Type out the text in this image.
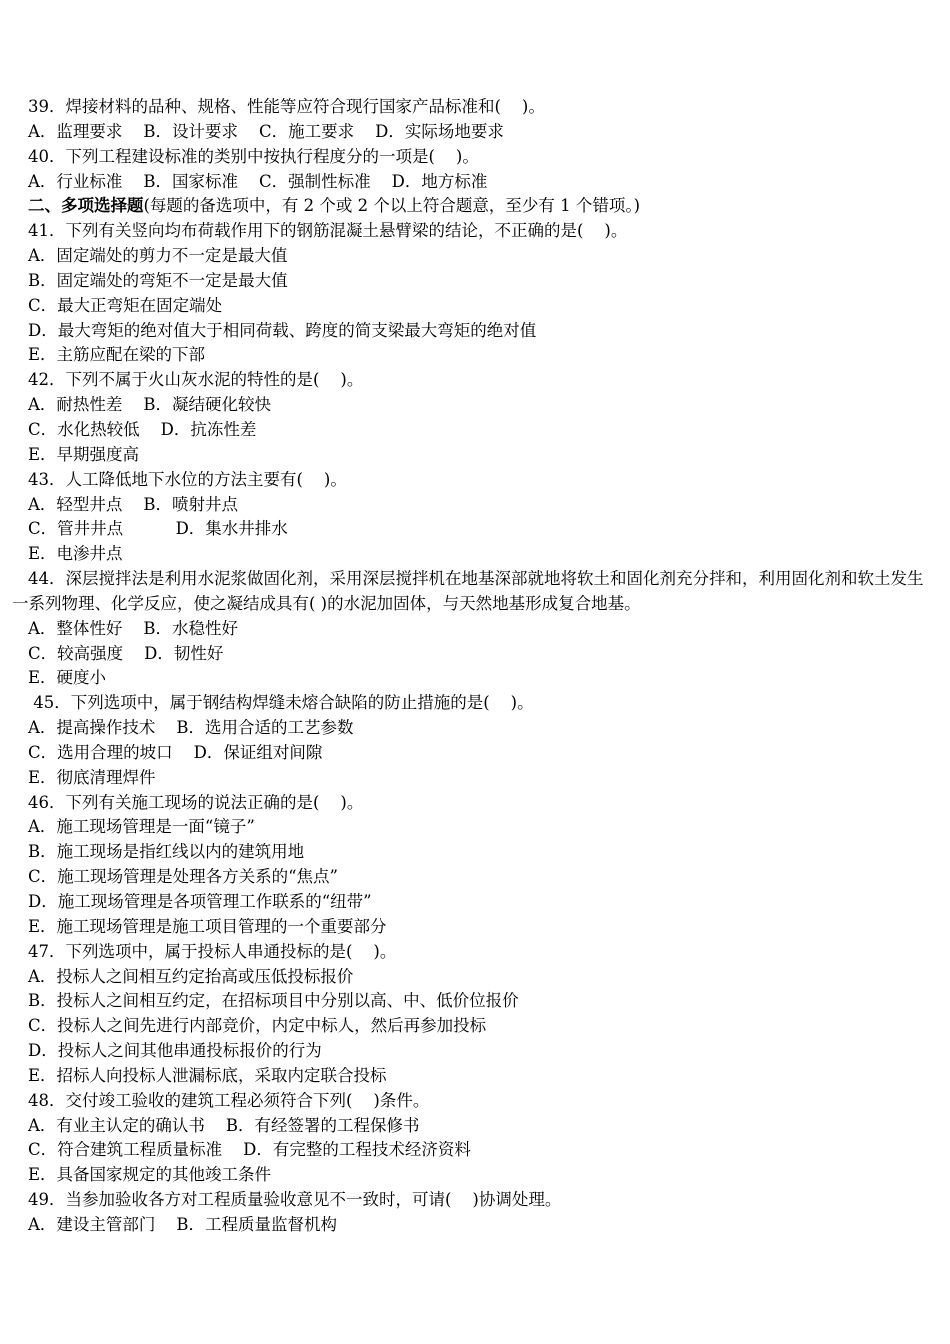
39．焊接材料的品种、规格、性能等应符合现行国家产品标准和(    )。
A．监理要求    B．设计要求    C．施工要求    D．实际场地要求
40．下列工程建设标准的类别中按执行程度分的一项是(    )。
A．行业标准    B．国家标准    C．强制性标准    D．地方标准
二、多项选择题(每题的备选项中，有 2 个或 2 个以上符合题意，至少有 1 个错项。)
41．下列有关竖向均布荷载作用下的钢筋混凝土悬臂梁的结论，不正确的是(    )。
A．固定端处的剪力不一定是最大值
B．固定端处的弯矩不一定是最大值
C．最大正弯矩在固定端处
D．最大弯矩的绝对值大于相同荷载、跨度的简支梁最大弯矩的绝对值
E．主筋应配在梁的下部
42．下列不属于火山灰水泥的特性的是(    )。
A．耐热性差    B．凝结硬化较快
C．水化热较低    D．抗冻性差
E．早期强度高
43．人工降低地下水位的方法主要有(    )。
A．轻型井点    B．喷射井点
C．管井井点          D．集水井排水
E．电渗井点
44．深层搅拌法是利用水泥浆做固化剂，采用深层搅拌机在地基深部就地将软土和固化剂充分拌和，利用固化剂和软土发生一系列物理、化学反应，使之凝结成具有( )的水泥加固体，与天然地基形成复合地基。
A．整体性好    B．水稳性好
C．较高强度    D．韧性好
E．硬度小
45．下列选项中，属于钢结构焊缝未熔合缺陷的防止措施的是(    )。
A．提高操作技术    B．选用合适的工艺参数
C．选用合理的坡口    D．保证组对间隙
E．彻底清理焊件
46．下列有关施工现场的说法正确的是(    )。
A．施工现场管理是一面“镜子”
B．施工现场是指红线以内的建筑用地
C．施工现场管理是处理各方关系的“焦点”
D．施工现场管理是各项管理工作联系的“纽带”
E．施工现场管理是施工项目管理的一个重要部分
47．下列选项中，属于投标人串通投标的是(    )。
A．投标人之间相互约定抬高或压低投标报价
B．投标人之间相互约定，在招标项目中分别以高、中、低价位报价
C．投标人之间先进行内部竞价，内定中标人，然后再参加投标
D．投标人之间其他串通投标报价的行为
E．招标人向投标人泄漏标底，采取内定联合投标
48．交付竣工验收的建筑工程必须符合下列(    )条件。
A．有业主认定的确认书    B．有经签署的工程保修书
C．符合建筑工程质量标准    D．有完整的工程技术经济资料
E．具备国家规定的其他竣工条件
49．当参加验收各方对工程质量验收意见不一致时，可请(    )协调处理。
A．建设主管部门    B．工程质量监督机构
